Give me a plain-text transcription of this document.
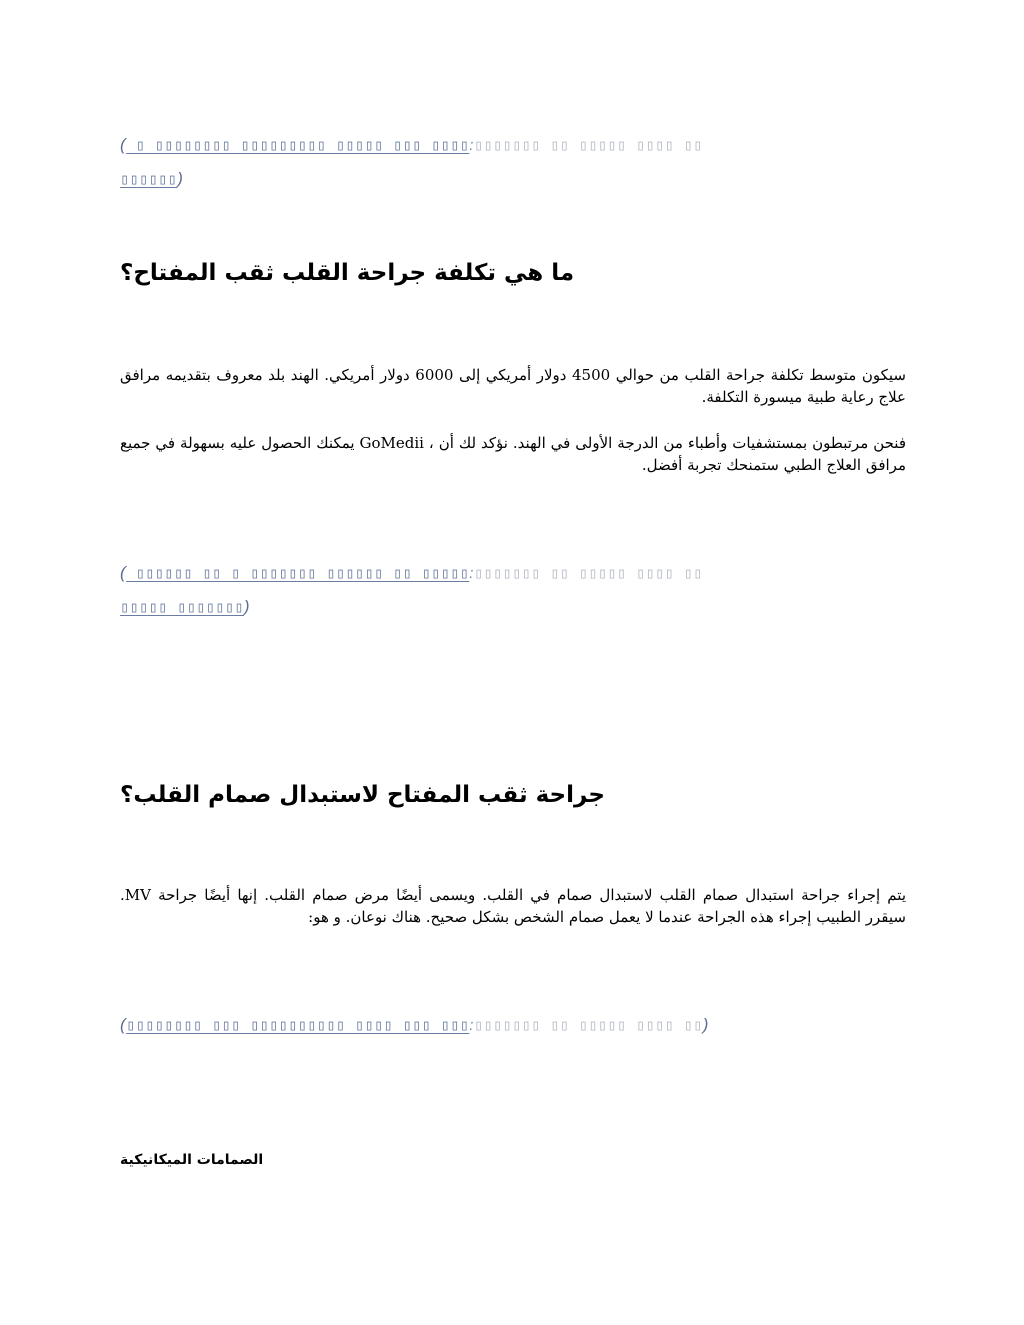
( ▯ ▯▯▯▯▯▯▯▯ ▯▯▯▯▯▯▯▯▯ ▯▯▯▯▯ ▯▯▯ ▯▯▯▯:▯▯▯▯▯▯▯ ▯▯ ▯▯▯▯▯ ▯▯▯▯ ▯▯
▯▯▯▯▯▯)
ما هي تكلفة جراحة القلب ثقب المفتاح؟

سيكون متوسط تكلفة جراحة القلب من حوالي 4500 دولار أمريكي إلى 6000 دولار أمريكي. الهند بلد معروف بتقديمه مرافق علاج رعاية طبية ميسورة التكلفة.

فنحن مرتبطون بمستشفيات وأطباء من الدرجة الأولى في الهند. نؤكد لك أن ، GoMedii يمكنك الحصول عليه بسهولة في جميع مرافق العلاج الطبي ستمنحك تجربة أفضل.

( ▯▯▯▯▯▯ ▯▯ ▯ ▯▯▯▯▯▯▯ ▯▯▯▯▯▯ ▯▯ ▯▯▯▯▯:▯▯▯▯▯▯▯ ▯▯ ▯▯▯▯▯ ▯▯▯▯ ▯▯
▯▯▯▯▯ ▯▯▯▯▯▯▯)
جراحة ثقب المفتاح لاستبدال صمام القلب؟

يتم إجراء جراحة استبدال صمام القلب لاستبدال صمام في القلب. ويسمى أيضًا مرض صمام القلب. إنها أيضًا جراحة MV. سيقرر الطبيب إجراء هذه الجراحة عندما لا يعمل صمام الشخص بشكل صحيح. هناك نوعان. و هو:

(▯▯▯▯▯▯▯▯ ▯▯▯ ▯▯▯▯▯▯▯▯▯▯ ▯▯▯▯ ▯▯▯ ▯▯▯:▯▯▯▯▯▯▯ ▯▯ ▯▯▯▯▯ ▯▯▯▯ ▯▯)
الصمامات الميكانيكية
